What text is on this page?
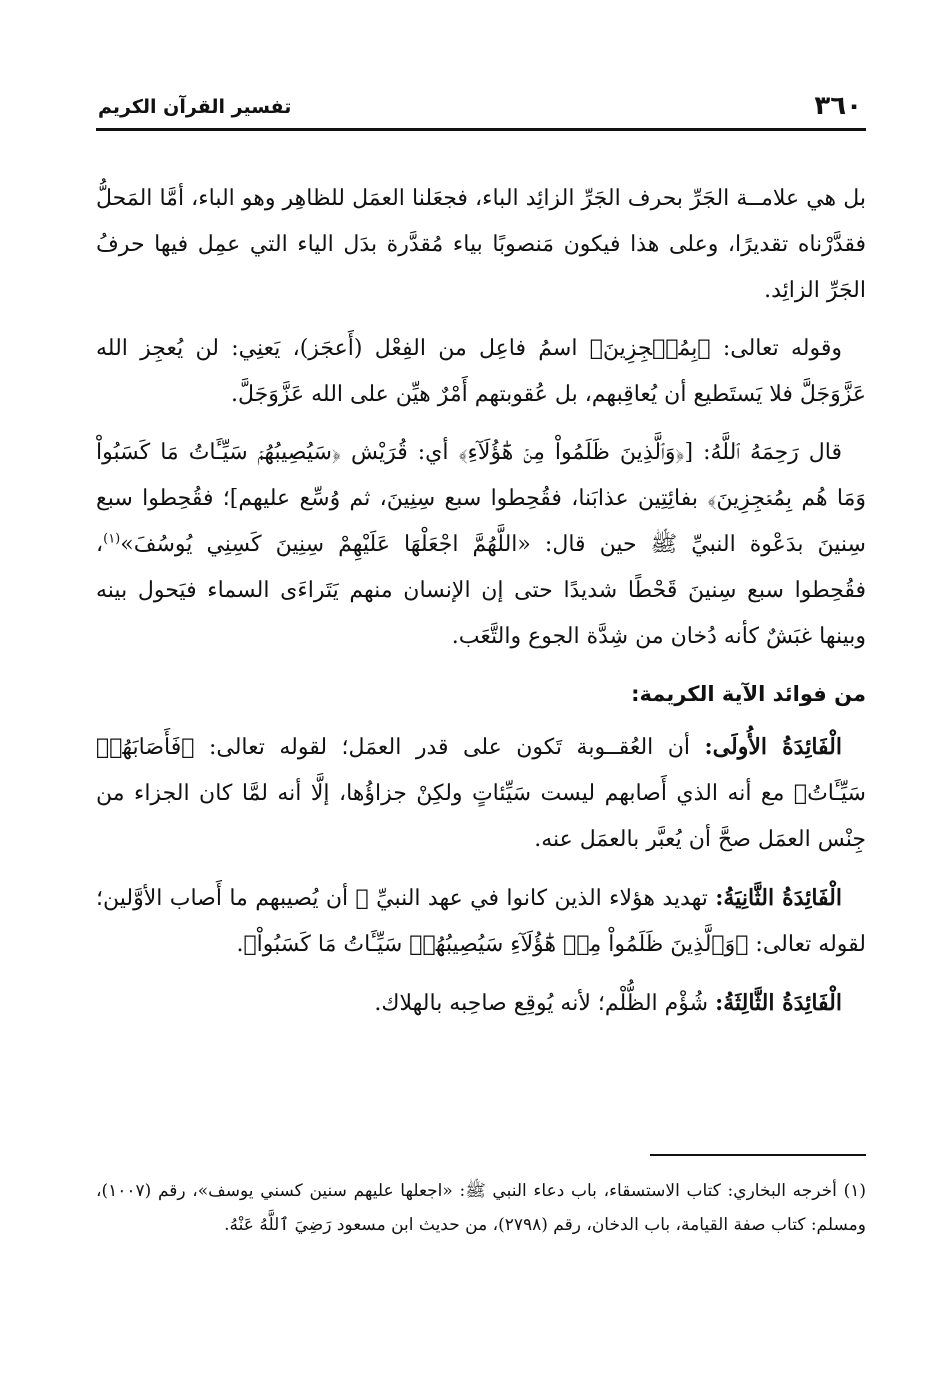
٣٦٠
تفسير القرآن الكريم

بل هي علامــة الجَرِّ بحرف الجَرِّ الزائِد الباء، فجعَلنا العمَل للظاهِر وهو الباء، أمَّا المَحلُّ فقدَّرْناه تقديرًا، وعلى هذا فيكون مَنصوبًا بياء مُقدَّرة بدَل الياء التي عمِل فيها حرفُ الجَرِّ الزائِد.

وقوله تعالى: ﴿بِمُعۡجِزِينَ﴾ اسمُ فاعِل من الفِعْل (أَعجَز)، يَعنِي: لن يُعجِز الله عَزَّوَجَلَّ فلا يَستَطيع أن يُعاقِبهم، بل عُقوبتهم أَمْرٌ هيِّن على الله عَزَّوَجَلَّ.

قال رَحِمَهُ ٱللَّهُ: [﴿وَٱلَّذِينَ ظَلَمُواْ مِنۡ هَٰٓؤُلَآءِ﴾ أي: قُرَيْش ﴿سَيُصِيبُهُمۡ سَيِّـَٔاتُ مَا كَسَبُواْ وَمَا هُم بِمُعۡجِزِينَ﴾ بفائِتِين عذابَنا، فقُحِطوا سبع سِنِينَ، ثم وُسِّع عليهم]؛ فقُحِطوا سبع سِنينَ بدَعْوة النبيِّ ﷺ حين قال: «اللَّهُمَّ اجْعَلْهَا عَلَيْهِمْ سِنِينَ كَسِنِي يُوسُفَ»$^{(١)}$، فقُحِطوا سبع سِنينَ قَحْطًا شديدًا حتى إن الإنسان منهم يَتَراءَى السماء فيَحول بينه وبينها غبَشٌ كأنه دُخان من شِدَّة الجوع والتَّعَب.

من فوائد الآية الكريمة:

الْفَائِدَةُ الأُولَى: أن العُقــوبة تَكون على قدر العمَل؛ لقوله تعالى: ﴿فَأَصَابَهُمۡ سَيِّـَٔاتُ﴾ مع أنه الذي أَصابهم ليست سَيِّئاتٍ ولكِنْ جزاؤُها، إلَّا أنه لمَّا كان الجزاء من جِنْس العمَل صحَّ أن يُعبَّر بالعمَل عنه.

الْفَائِدَةُ الثَّانِيَةُ: تهديد هؤلاء الذين كانوا في عهد النبيِّ ﷺ أن يُصيبهم ما أَصاب الأوَّلين؛ لقوله تعالى: ﴿وَٱلَّذِينَ ظَلَمُواْ مِنۡ هَٰٓؤُلَآءِ سَيُصِيبُهُمۡ سَيِّـَٔاتُ مَا كَسَبُواْ﴾.

الْفَائِدَةُ الثَّالِثَةُ: شُؤْم الظُّلْم؛ لأنه يُوقِع صاحِبه بالهلاك.

(١) أخرجه البخاري: كتاب الاستسقاء، باب دعاء النبي ﷺ: «اجعلها عليهم سنين كسني يوسف»، رقم (١٠٠٧)، ومسلم: كتاب صفة القيامة، باب الدخان، رقم (٢٧٩٨)، من حديث ابن مسعود رَضِيَ ٱللَّهُ عَنْهُ.
